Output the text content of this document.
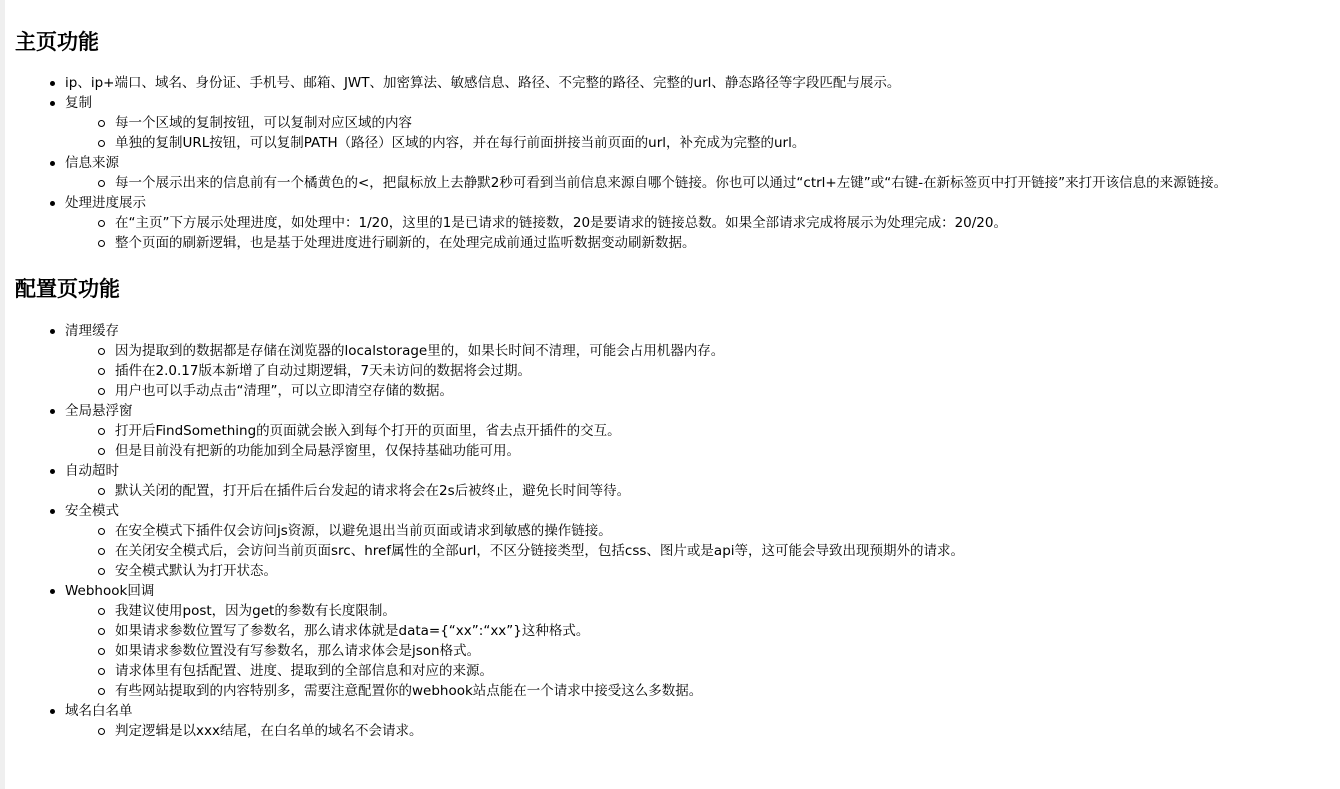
主页功能
ip、ip+端口、域名、身份证、手机号、邮箱、JWT、加密算法、敏感信息、路径、不完整的路径、完整的url、静态路径等字段匹配与展示。
复制
每一个区域的复制按钮，可以复制对应区域的内容
单独的复制URL按钮，可以复制PATH（路径）区域的内容，并在每行前面拼接当前页面的url，补充成为完整的url。
信息来源
每一个展示出来的信息前有一个橘黄色的<，把鼠标放上去静默2秒可看到当前信息来源自哪个链接。你也可以通过“ctrl+左键”或“右键-在新标签页中打开链接”来打开该信息的来源链接。
处理进度展示
在“主页”下方展示处理进度，如处理中：1/20，这里的1是已请求的链接数，20是要请求的链接总数。如果全部请求完成将展示为处理完成：20/20。
整个页面的刷新逻辑，也是基于处理进度进行刷新的，在处理完成前通过监听数据变动刷新数据。
配置页功能
清理缓存
因为提取到的数据都是存储在浏览器的localstorage里的，如果长时间不清理，可能会占用机器内存。
插件在2.0.17版本新增了自动过期逻辑，7天未访问的数据将会过期。
用户也可以手动点击“清理”，可以立即清空存储的数据。
全局悬浮窗
打开后FindSomething的页面就会嵌入到每个打开的页面里，省去点开插件的交互。
但是目前没有把新的功能加到全局悬浮窗里，仅保持基础功能可用。
自动超时
默认关闭的配置，打开后在插件后台发起的请求将会在2s后被终止，避免长时间等待。
安全模式
在安全模式下插件仅会访问js资源，以避免退出当前页面或请求到敏感的操作链接。
在关闭安全模式后，会访问当前页面src、href属性的全部url，不区分链接类型，包括css、图片或是api等，这可能会导致出现预期外的请求。
安全模式默认为打开状态。
Webhook回调
我建议使用post，因为get的参数有长度限制。
如果请求参数位置写了参数名，那么请求体就是data={“xx”:“xx”}这种格式。
如果请求参数位置没有写参数名，那么请求体会是json格式。
请求体里有包括配置、进度、提取到的全部信息和对应的来源。
有些网站提取到的内容特别多，需要注意配置你的webhook站点能在一个请求中接受这么多数据。
域名白名单
判定逻辑是以xxx结尾，在白名单的域名不会请求。
